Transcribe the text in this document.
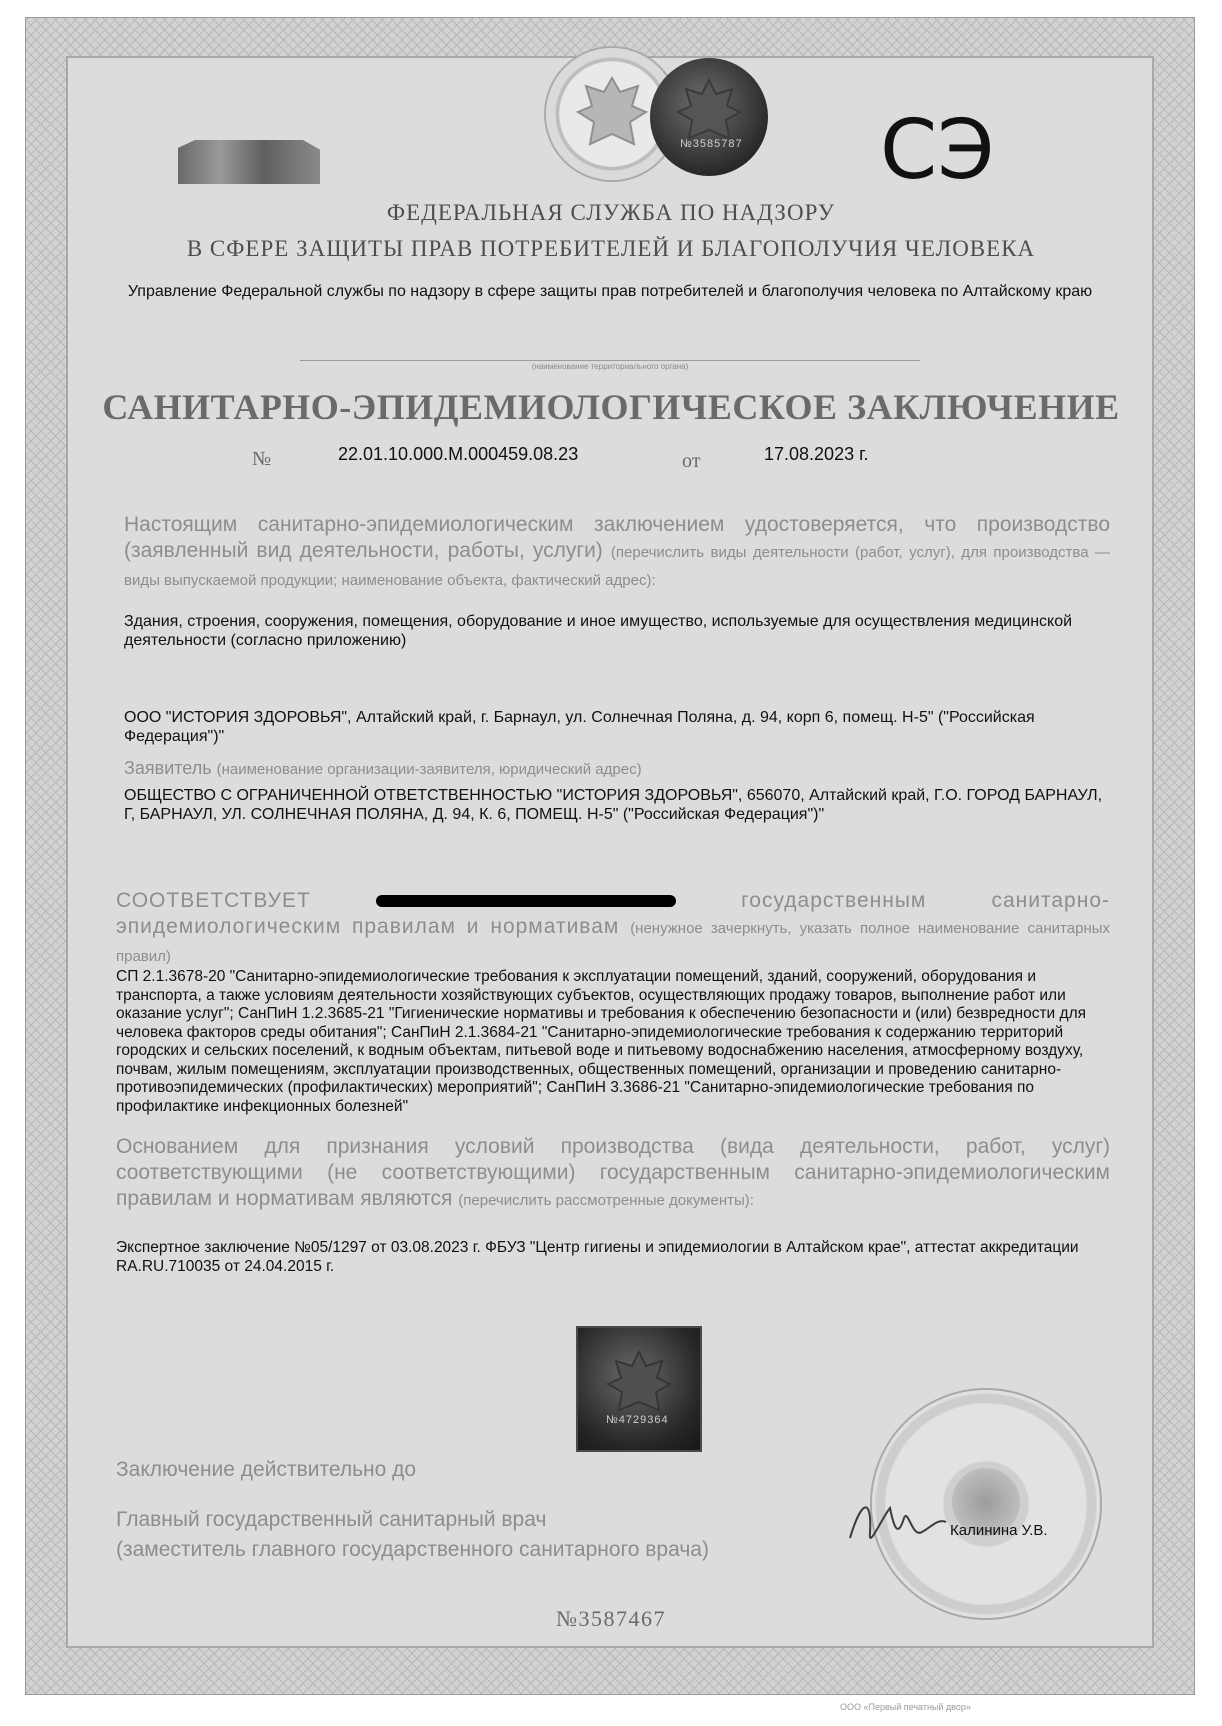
№3585787 СЭ
ФЕДЕРАЛЬНАЯ СЛУЖБА ПО НАДЗОРУ
В СФЕРЕ ЗАЩИТЫ ПРАВ ПОТРЕБИТЕЛЕЙ И БЛАГОПОЛУЧИЯ ЧЕЛОВЕКА
Управление Федеральной службы по надзору в сфере защиты прав потребителей и благополучия человека по Алтайскому краю
(наименование территориального органа)
САНИТАРНО-ЭПИДЕМИОЛОГИЧЕСКОЕ ЗАКЛЮЧЕНИЕ
№	22.01.10.000.М.000459.08.23	от	17.08.2023 г.
Настоящим санитарно-эпидемиологическим заключением удостоверяется, что производство (заявленный вид деятельности, работы, услуги) (перечислить виды деятельности (работ, услуг), для производства — виды выпускаемой продукции; наименование объекта, фактический адрес):
Здания, строения, сооружения, помещения, оборудование и иное имущество, используемые для осуществления медицинской деятельности (согласно приложению)
ООО "ИСТОРИЯ ЗДОРОВЬЯ", Алтайский край, г. Барнаул, ул. Солнечная Поляна, д. 94, корп 6, помещ. Н-5" ("Российская Федерация")"
Заявитель (наименование организации-заявителя, юридический адрес)
ОБЩЕСТВО С ОГРАНИЧЕННОЙ ОТВЕТСТВЕННОСТЬЮ "ИСТОРИЯ ЗДОРОВЬЯ", 656070, Алтайский край, Г.О. ГОРОД БАРНАУЛ, Г, БАРНАУЛ, УЛ. СОЛНЕЧНАЯ ПОЛЯНА, Д. 94, К. 6, ПОМЕЩ. Н-5" ("Российская Федерация")"
СООТВЕТСТВУЕТ	государственным санитарно-эпидемиологическим правилам и нормативам (ненужное зачеркнуть, указать полное наименование санитарных правил)
СП 2.1.3678-20 "Санитарно-эпидемиологические требования к эксплуатации помещений, зданий, сооружений, оборудования и транспорта, а также условиям деятельности хозяйствующих субъектов, осуществляющих продажу товаров, выполнение работ или оказание услуг"; СанПиН 1.2.3685-21 "Гигиенические нормативы и требования к обеспечению безопасности и (или) безвредности для человека факторов среды обитания"; СанПиН 2.1.3684-21 "Санитарно-эпидемиологические требования к содержанию территорий городских и сельских поселений, к водным объектам, питьевой воде и питьевому водоснабжению населения, атмосферному воздуху, почвам, жилым помещениям, эксплуатации производственных, общественных помещений, организации и проведению санитарно-противоэпидемических (профилактических) мероприятий"; СанПиН 3.3686-21 "Санитарно-эпидемиологические требования по профилактике инфекционных болезней"
Основанием для признания условий производства (вида деятельности, работ, услуг) соответствующими (не соответствующими) государственным санитарно-эпидемиологическим правилам и нормативам являются (перечислить рассмотренные документы):
Экспертное заключение №05/1297 от 03.08.2023 г. ФБУЗ "Центр гигиены и эпидемиологии в Алтайском крае", аттестат аккредитации RA.RU.710035 от 24.04.2015 г.
№4729364
Заключение действительно до
Главный государственный санитарный врач
(заместитель главного государственного санитарного врача)
Калинина У.В.
№3587467
ООО «Первый печатный двор»
